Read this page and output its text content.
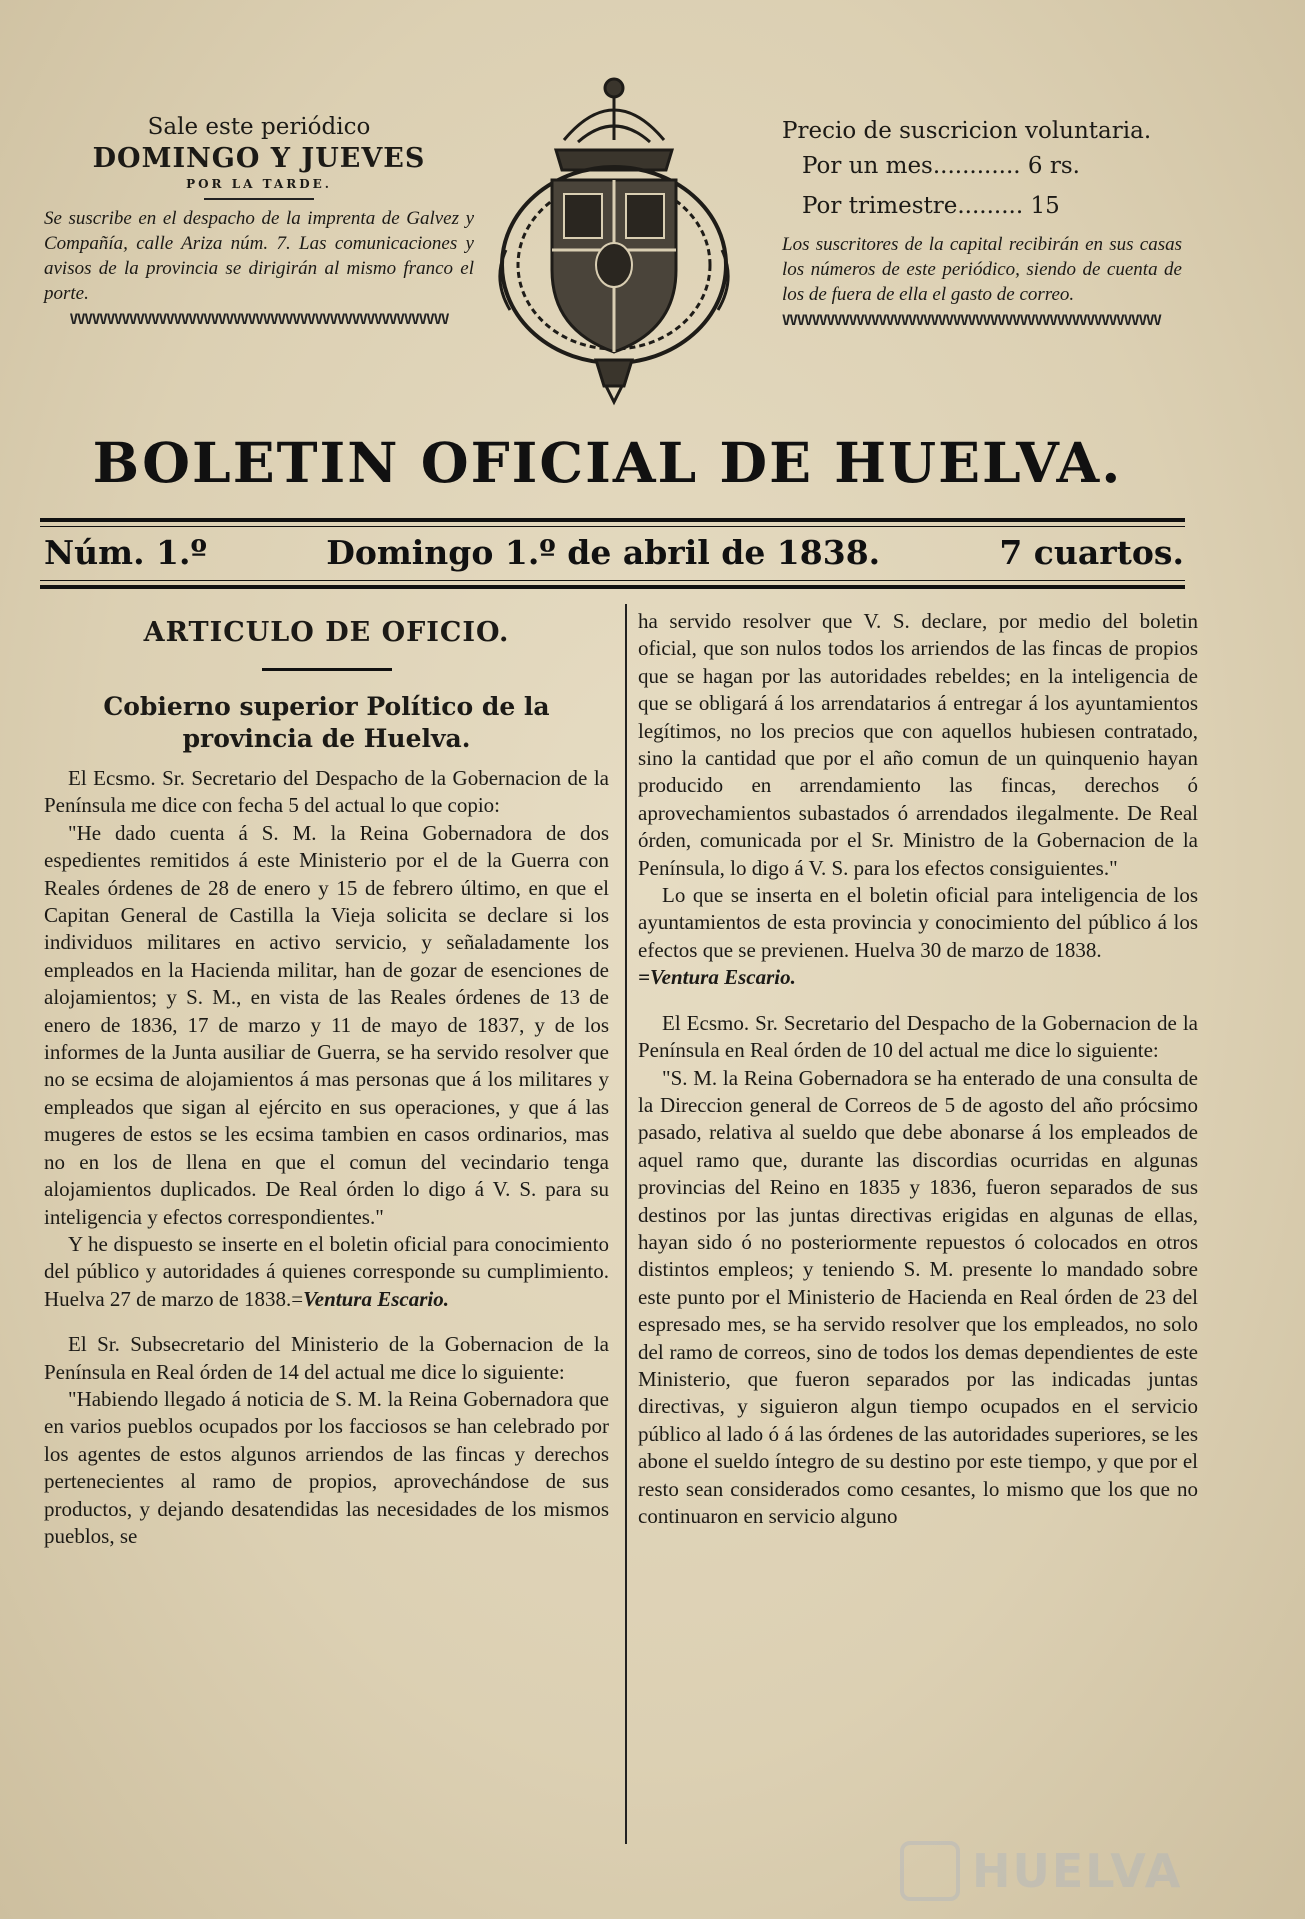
Sale este periódico
DOMINGO Y JUEVES
POR LA TARDE.
Se suscribe en el despacho de la imprenta de Galvez y Compañía, calle Ariza núm. 7. Las comunicaciones y avisos de la provincia se dirigirán al mismo franco el porte.
VVVVVVVVVVVVVVVVVVVVVVVVVVVVVVVVVVVVVVVVVVVVVVVVVVV
Precio de suscricion voluntaria.
Por un mes............ 6 rs.
Por trimestre......... 15
Los suscritores de la capital recibirán en sus casas los números de este periódico, siendo de cuenta de los de fuera de ella el gasto de correo.
VVVVVVVVVVVVVVVVVVVVVVVVVVVVVVVVVVVVVVVVVVVVVVVVVVV
BOLETIN OFICIAL DE HUELVA.
Núm. 1.º	Domingo 1.º de abril de 1838.	7 cuartos.
ARTICULO DE OFICIO.
Cobierno superior Político de la provincia de Huelva.

El Ecsmo. Sr. Secretario del Despacho de la Gobernacion de la Península me dice con fecha 5 del actual lo que copio:

"He dado cuenta á S. M. la Reina Gobernadora de dos espedientes remitidos á este Ministerio por el de la Guerra con Reales órdenes de 28 de enero y 15 de febrero último, en que el Capitan General de Castilla la Vieja solicita se declare si los individuos militares en activo servicio, y señaladamente los empleados en la Hacienda militar, han de gozar de esenciones de alojamientos; y S. M., en vista de las Reales órdenes de 13 de enero de 1836, 17 de marzo y 11 de mayo de 1837, y de los informes de la Junta ausiliar de Guerra, se ha servido resolver que no se ecsima de alojamientos á mas personas que á los militares y empleados que sigan al ejército en sus operaciones, y que á las mugeres de estos se les ecsima tambien en casos ordinarios, mas no en los de llena en que el comun del vecindario tenga alojamientos duplicados. De Real órden lo digo á V. S. para su inteligencia y efectos correspondientes."

Y he dispuesto se inserte en el boletin oficial para conocimiento del público y autoridades á quienes corresponde su cumplimiento. Huelva 27 de marzo de 1838.=Ventura Escario.

El Sr. Subsecretario del Ministerio de la Gobernacion de la Península en Real órden de 14 del actual me dice lo siguiente:

"Habiendo llegado á noticia de S. M. la Reina Gobernadora que en varios pueblos ocupados por los facciosos se han celebrado por los agentes de estos algunos arriendos de las fincas y derechos pertenecientes al ramo de propios, aprovechándose de sus productos, y dejando desatendidas las necesidades de los mismos pueblos, se

ha servido resolver que V. S. declare, por medio del boletin oficial, que son nulos todos los arriendos de las fincas de propios que se hagan por las autoridades rebeldes; en la inteligencia de que se obligará á los arrendatarios á entregar á los ayuntamientos legítimos, no los precios que con aquellos hubiesen contratado, sino la cantidad que por el año comun de un quinquenio hayan producido en arrendamiento las fincas, derechos ó aprovechamientos subastados ó arrendados ilegalmente. De Real órden, comunicada por el Sr. Ministro de la Gobernacion de la Península, lo digo á V. S. para los efectos consiguientes."

Lo que se inserta en el boletin oficial para inteligencia de los ayuntamientos de esta provincia y conocimiento del público á los efectos que se previenen. Huelva 30 de marzo de 1838.

=Ventura Escario.

El Ecsmo. Sr. Secretario del Despacho de la Gobernacion de la Península en Real órden de 10 del actual me dice lo siguiente:

"S. M. la Reina Gobernadora se ha enterado de una consulta de la Direccion general de Correos de 5 de agosto del año prócsimo pasado, relativa al sueldo que debe abonarse á los empleados de aquel ramo que, durante las discordias ocurridas en algunas provincias del Reino en 1835 y 1836, fueron separados de sus destinos por las juntas directivas erigidas en algunas de ellas, hayan sido ó no posteriormente repuestos ó colocados en otros distintos empleos; y teniendo S. M. presente lo mandado sobre este punto por el Ministerio de Hacienda en Real órden de 23 del espresado mes, se ha servido resolver que los empleados, no solo del ramo de correos, sino de todos los demas dependientes de este Ministerio, que fueron separados por las indicadas juntas directivas, y siguieron algun tiempo ocupados en el servicio público al lado ó á las órdenes de las autoridades superiores, se les abone el sueldo íntegro de su destino por este tiempo, y que por el resto sean considerados como cesantes, lo mismo que los que no continuaron en servicio alguno

HUELVA
